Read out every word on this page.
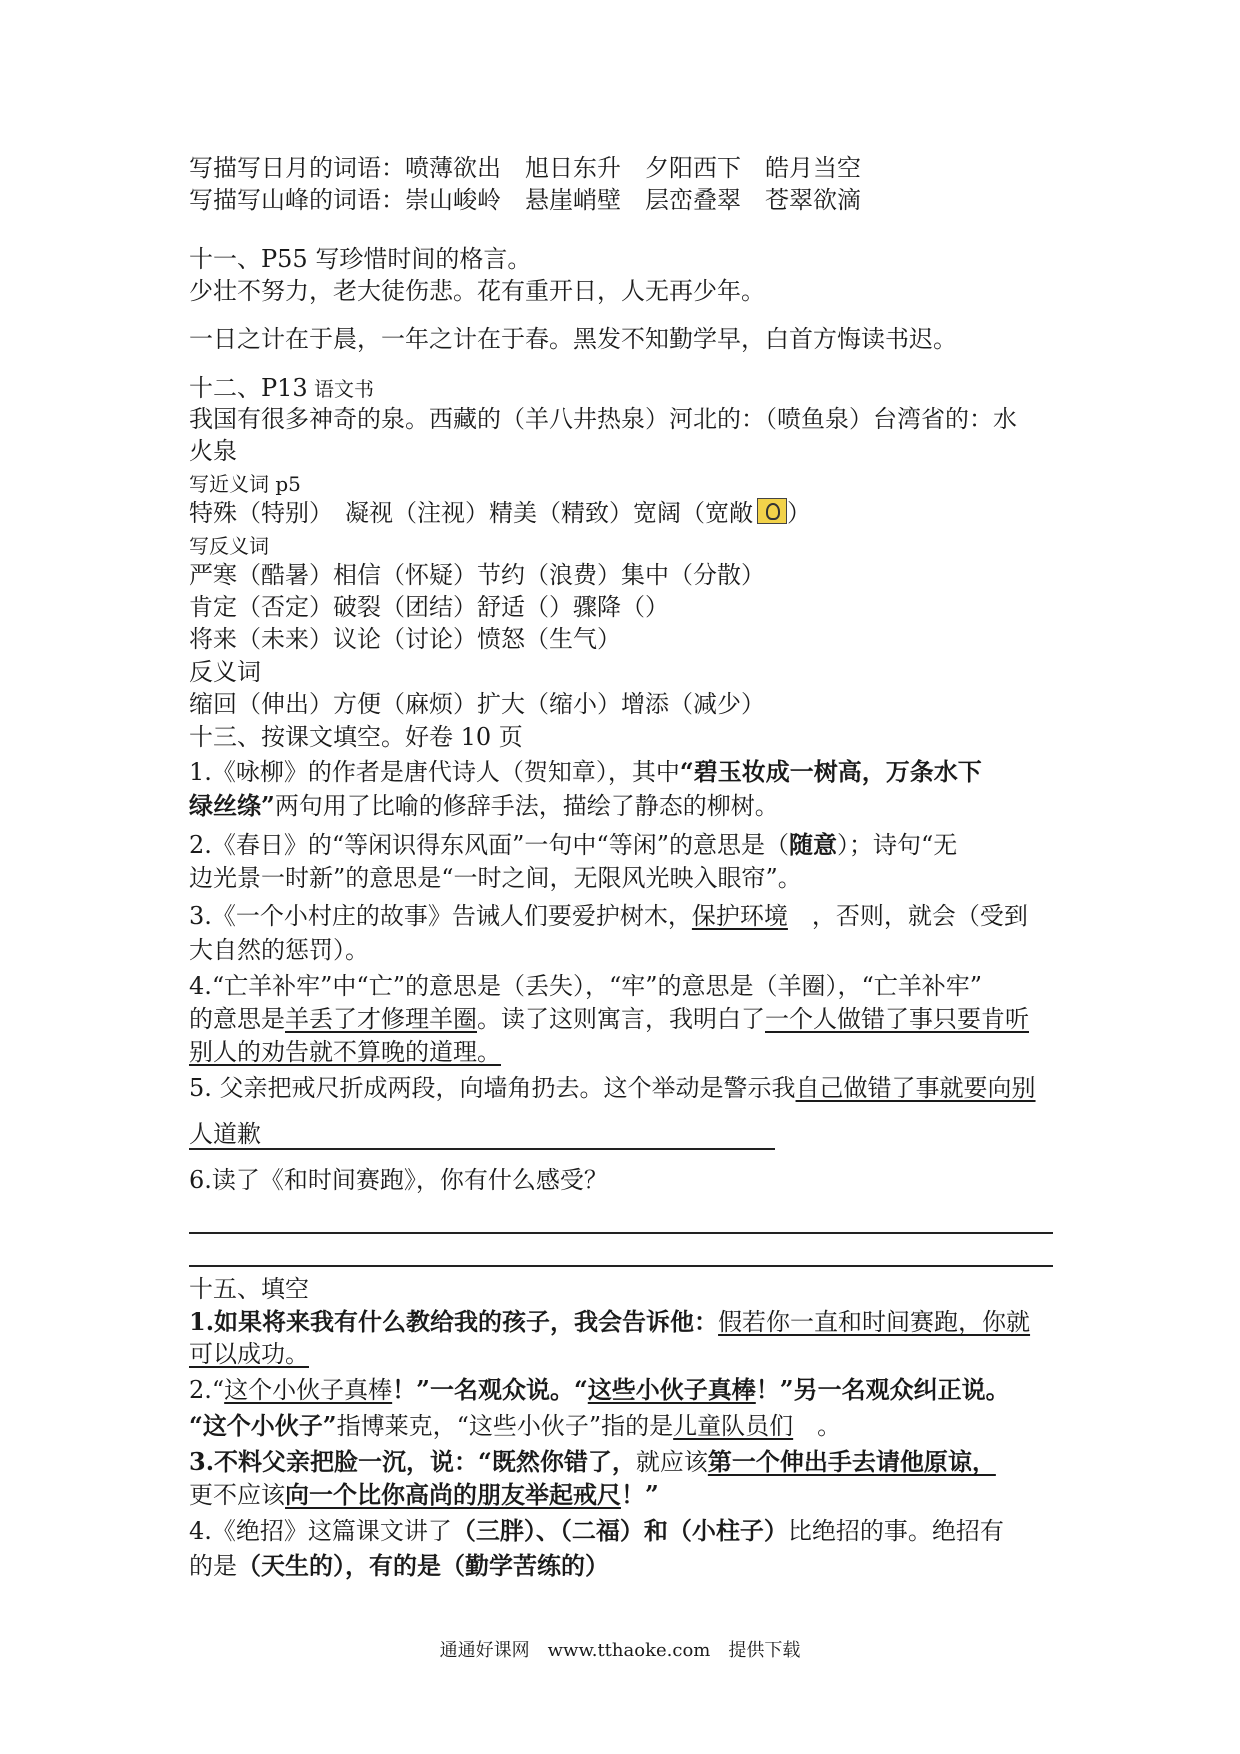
写描写日月的词语：喷薄欲出　旭日东升　夕阳西下　皓月当空
写描写山峰的词语：崇山峻岭　悬崖峭壁　层峦叠翠　苍翠欲滴
十一、P55 写珍惜时间的格言。
少壮不努力，老大徒伤悲。花有重开日，人无再少年。
一日之计在于晨，一年之计在于春。黑发不知勤学早，白首方悔读书迟。
十二、P13 语文书
我国有很多神奇的泉。西藏的（羊八井热泉）河北的：（喷鱼泉）台湾省的：水
火泉
写近义词 p5
特殊（特别）　凝视（注视）精美（精致）宽阔（宽敞 ）
写反义词
严寒（酷暑）相信（怀疑）节约（浪费）集中（分散）
肯定（否定）破裂（团结）舒适（）骤降（）
将来（未来）议论（讨论）愤怒（生气）
反义词
缩回（伸出）方便（麻烦）扩大（缩小）增添（减少）
十三、按课文填空。好卷 10 页
1.《咏柳》的作者是唐代诗人（贺知章），其中“碧玉妆成一树高，万条水下
绿丝绦”两句用了比喻的修辞手法，描绘了静态的柳树。
2.《春日》的“等闲识得东风面”一句中“等闲”的意思是（随意）；诗句“无
边光景一时新”的意思是“一时之间，无限风光映入眼帘”。
3.《一个小村庄的故事》告诫人们要爱护树木，保护环境　，否则，就会（受到
大自然的惩罚）。
4.“亡羊补牢”中“亡”的意思是（丢失），“牢”的意思是（羊圈），“亡羊补牢”
的意思是羊丢了才修理羊圈。读了这则寓言，我明白了一个人做错了事只要肯听
别人的劝告就不算晚的道理。
5. 父亲把戒尺折成两段，向墙角扔去。这个举动是警示我自己做错了事就要向别
人道歉
6.读了《和时间赛跑》，你有什么感受？
十五、填空
1.如果将来我有什么教给我的孩子，我会告诉他：假若你一直和时间赛跑，你就
可以成功。
2.“这个小伙子真棒！”一名观众说。“这些小伙子真棒！”另一名观众纠正说。
“这个小伙子”指博莱克，“这些小伙子”指的是儿童队员们　。
3.不料父亲把脸一沉，说：“既然你错了，就应该第一个伸出手去请他原谅，
更不应该向一个比你高尚的朋友举起戒尺！”
4.《绝招》这篇课文讲了（三胖）、（二福）和（小柱子）比绝招的事。绝招有
的是（天生的），有的是（勤学苦练的）
通通好课网　www.tthaoke.com　提供下载
